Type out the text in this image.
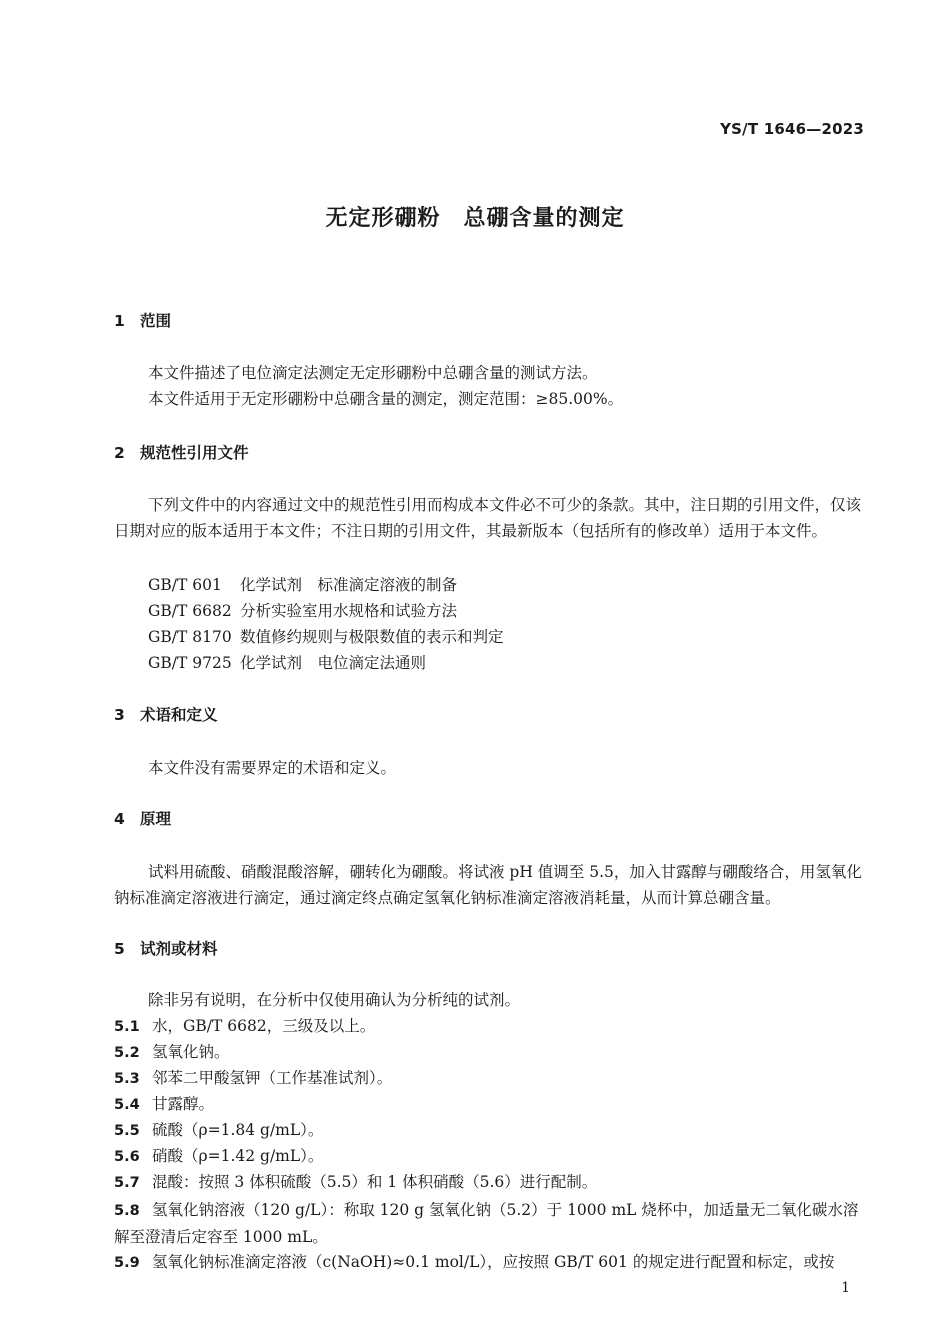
YS/T 1646—2023
无定形硼粉　总硼含量的测定
1 范围
本文件描述了电位滴定法测定无定形硼粉中总硼含量的测试方法。
本文件适用于无定形硼粉中总硼含量的测定，测定范围：≥85.00%。
2 规范性引用文件
下列文件中的内容通过文中的规范性引用而构成本文件必不可少的条款。其中，注日期的引用文件，仅该日期对应的版本适用于本文件；不注日期的引用文件，其最新版本（包括所有的修改单）适用于本文件。
GB/T 601 化学试剂　标准滴定溶液的制备
GB/T 6682 分析实验室用水规格和试验方法
GB/T 8170 数值修约规则与极限数值的表示和判定
GB/T 9725 化学试剂　电位滴定法通则
3 术语和定义
本文件没有需要界定的术语和定义。
4 原理
试料用硫酸、硝酸混酸溶解，硼转化为硼酸。将试液 pH 值调至 5.5，加入甘露醇与硼酸络合，用氢氧化钠标准滴定溶液进行滴定，通过滴定终点确定氢氧化钠标准滴定溶液消耗量，从而计算总硼含量。
5 试剂或材料
除非另有说明，在分析中仅使用确认为分析纯的试剂。
5.1 水，GB/T 6682，三级及以上。
5.2 氢氧化钠。
5.3 邻苯二甲酸氢钾（工作基准试剂）。
5.4 甘露醇。
5.5 硫酸（ρ=1.84 g/mL）。
5.6 硝酸（ρ=1.42 g/mL）。
5.7 混酸：按照 3 体积硫酸（5.5）和 1 体积硝酸（5.6）进行配制。
5.8 氢氧化钠溶液（120 g/L）：称取 120 g 氢氧化钠（5.2）于 1000 mL 烧杯中，加适量无二氧化碳水溶解至澄清后定容至 1000 mL。
5.9 氢氧化钠标准滴定溶液（c(NaOH)≈0.1 mol/L），应按照 GB/T 601 的规定进行配置和标定，或按
1
